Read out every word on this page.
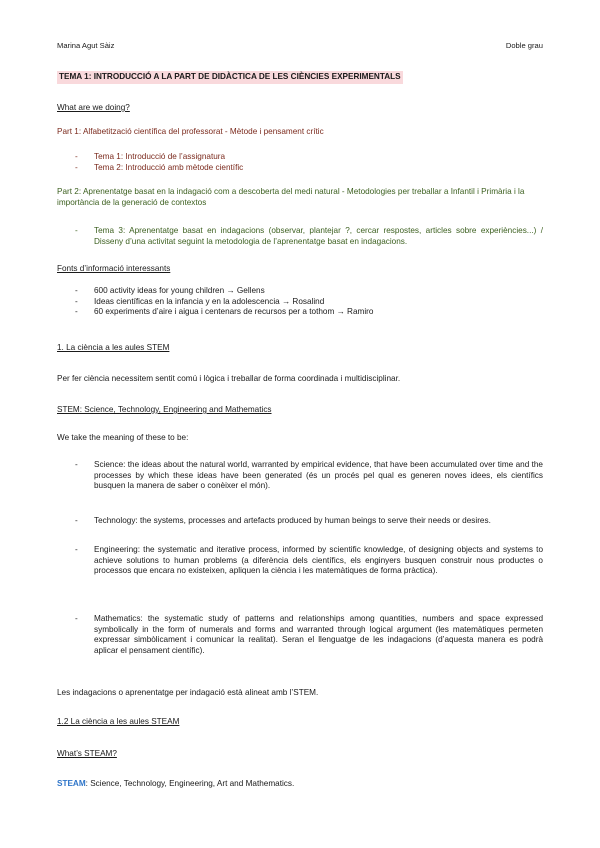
Marina Agut Sàiz	Doble grau
TEMA 1: INTRODUCCIÓ A LA PART DE DIDÀCTICA DE LES CIÈNCIES EXPERIMENTALS
What are we doing?
Part 1: Alfabetització científica del professorat - Mètode i pensament crític
- Tema 1: Introducció de l’assignatura
- Tema 2: Introducció amb mètode científic
Part 2: Aprenentatge basat en la indagació com a descoberta del medi natural - Metodologies per treballar a Infantil i Primària i la importància de la generació de contextos
- Tema 3: Aprenentatge basat en indagacions (observar, plantejar ?, cercar respostes, articles sobre experiències...) / Disseny d’una activitat seguint la metodologia de l’aprenentatge basat en indagacions.
Fonts d’informació interessants
- 600 activity ideas for young children → Gellens
- Ideas científicas en la infancia y en la adolescencia → Rosalind
- 60 experiments d’aire i aigua i centenars de recursos per a tothom → Ramiro
1. La ciència a les aules STEM
Per fer ciència necessitem sentit comú i lògica i treballar de forma coordinada i multidisciplinar.
STEM: Science, Technology, Engineering and Mathematics
We take the meaning of these to be:
- Science: the ideas about the natural world, warranted by empirical evidence, that have been accumulated over time and the processes by which these ideas have been generated (és un procés pel qual es generen noves idees, els científics busquen la manera de saber o conèixer el món).
- Technology: the systems, processes and artefacts produced by human beings to serve their needs or desires.
- Engineering: the systematic and iterative process, informed by scientific knowledge, of designing objects and systems to achieve solutions to human problems (a diferència dels científics, els enginyers busquen construir nous productes o processos que encara no existeixen, apliquen la ciència i les matemàtiques de forma pràctica).
- Mathematics: the systematic study of patterns and relationships among quantities, numbers and space expressed symbolically in the form of numerals and forms and warranted through logical argument (les matemàtiques permeten expressar simbòlicament i comunicar la realitat). Seran el llenguatge de les indagacions (d’aquesta manera es podrà aplicar el pensament científic).
Les indagacions o aprenentatge per indagació està alineat amb l’STEM.
1.2 La ciència a les aules STEAM
What’s STEAM?
STEAM: Science, Technology, Engineering, Art and Mathematics.
